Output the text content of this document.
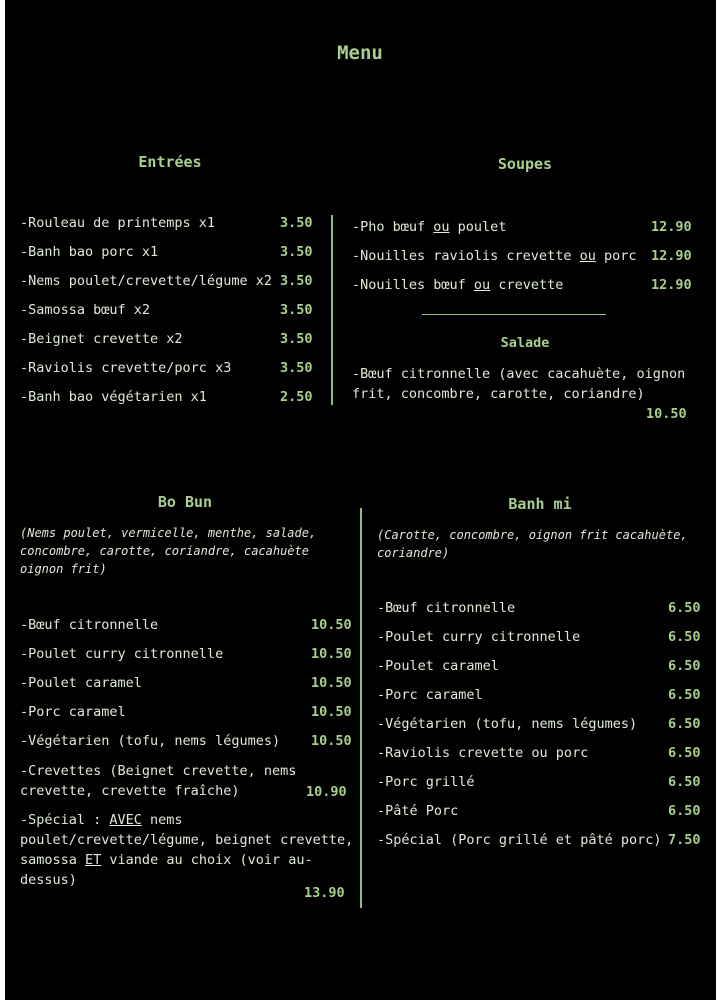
Menu
Entrées
-Rouleau de printemps x1	3.50
-Banh bao porc x1	3.50
-Nems poulet/crevette/légume x2 3.50
-Samossa bœuf x2	3.50
-Beignet crevette x2	3.50
-Raviolis crevette/porc x3	3.50
-Banh bao végétarien x1	2.50
Soupes
-Pho bœuf ou poulet	12.90
-Nouilles raviolis crevette ou porc 12.90
-Nouilles bœuf ou crevette	12.90
Salade
-Bœuf citronnelle (avec cacahuète, oignon frit, concombre, carotte, coriandre)
10.50
Bo Bun
(Nems poulet, vermicelle, menthe, salade, concombre, carotte, coriandre, cacahuète oignon frit)
-Bœuf citronnelle	10.50
-Poulet curry citronnelle	10.50
-Poulet caramel	10.50
-Porc caramel	10.50
-Végétarien (tofu, nems légumes) 10.50
-Crevettes (Beignet crevette, nems crevette, crevette fraîche)	10.90
-Spécial : AVEC nems poulet/crevette/légume, beignet crevette, samossa ET viande au choix (voir au-dessus)
13.90
Banh mi
(Carotte, concombre, oignon frit cacahuète, coriandre)
-Bœuf citronnelle	6.50
-Poulet curry citronnelle	6.50
-Poulet caramel	6.50
-Porc caramel	6.50
-Végétarien (tofu, nems légumes) 6.50
-Raviolis crevette ou porc	6.50
-Porc grillé	6.50
-Pâté Porc	6.50
-Spécial (Porc grillé et pâté porc) 7.50
